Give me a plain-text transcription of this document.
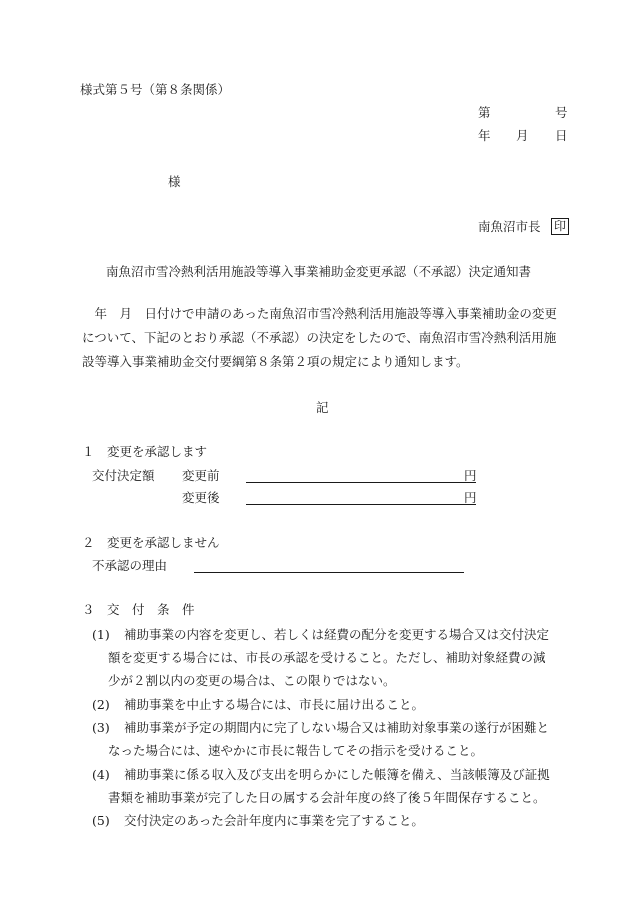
様式第５号（第８条関係）
第	号
年 月 日
様
南魚沼市長 印
南魚沼市雪冷熱利活用施設等導入事業補助金変更承認（不承認）決定通知書
　年　月　日付けで申請のあった南魚沼市雪冷熱利活用施設等導入事業補助金の変更
について、下記のとおり承認（不承認）の決定をしたので、南魚沼市雪冷熱利活用施
設等導入事業補助金交付要綱第８条第２項の規定により通知します。
記
１　変更を承認します
交付決定額 変更前	円
変更後	円
２　変更を承認しません
不承認の理由
３　交　付　条　件
(1) 補助事業の内容を変更し、若しくは経費の配分を変更する場合又は交付決定
額を変更する場合には、市長の承認を受けること。ただし、補助対象経費の減
少が２割以内の変更の場合は、この限りではない。
(2) 補助事業を中止する場合には、市長に届け出ること。
(3) 補助事業が予定の期間内に完了しない場合又は補助対象事業の遂行が困難と
なった場合には、速やかに市長に報告してその指示を受けること。
(4) 補助事業に係る収入及び支出を明らかにした帳簿を備え、当該帳簿及び証拠
書類を補助事業が完了した日の属する会計年度の終了後５年間保存すること。
(5) 交付決定のあった会計年度内に事業を完了すること。
